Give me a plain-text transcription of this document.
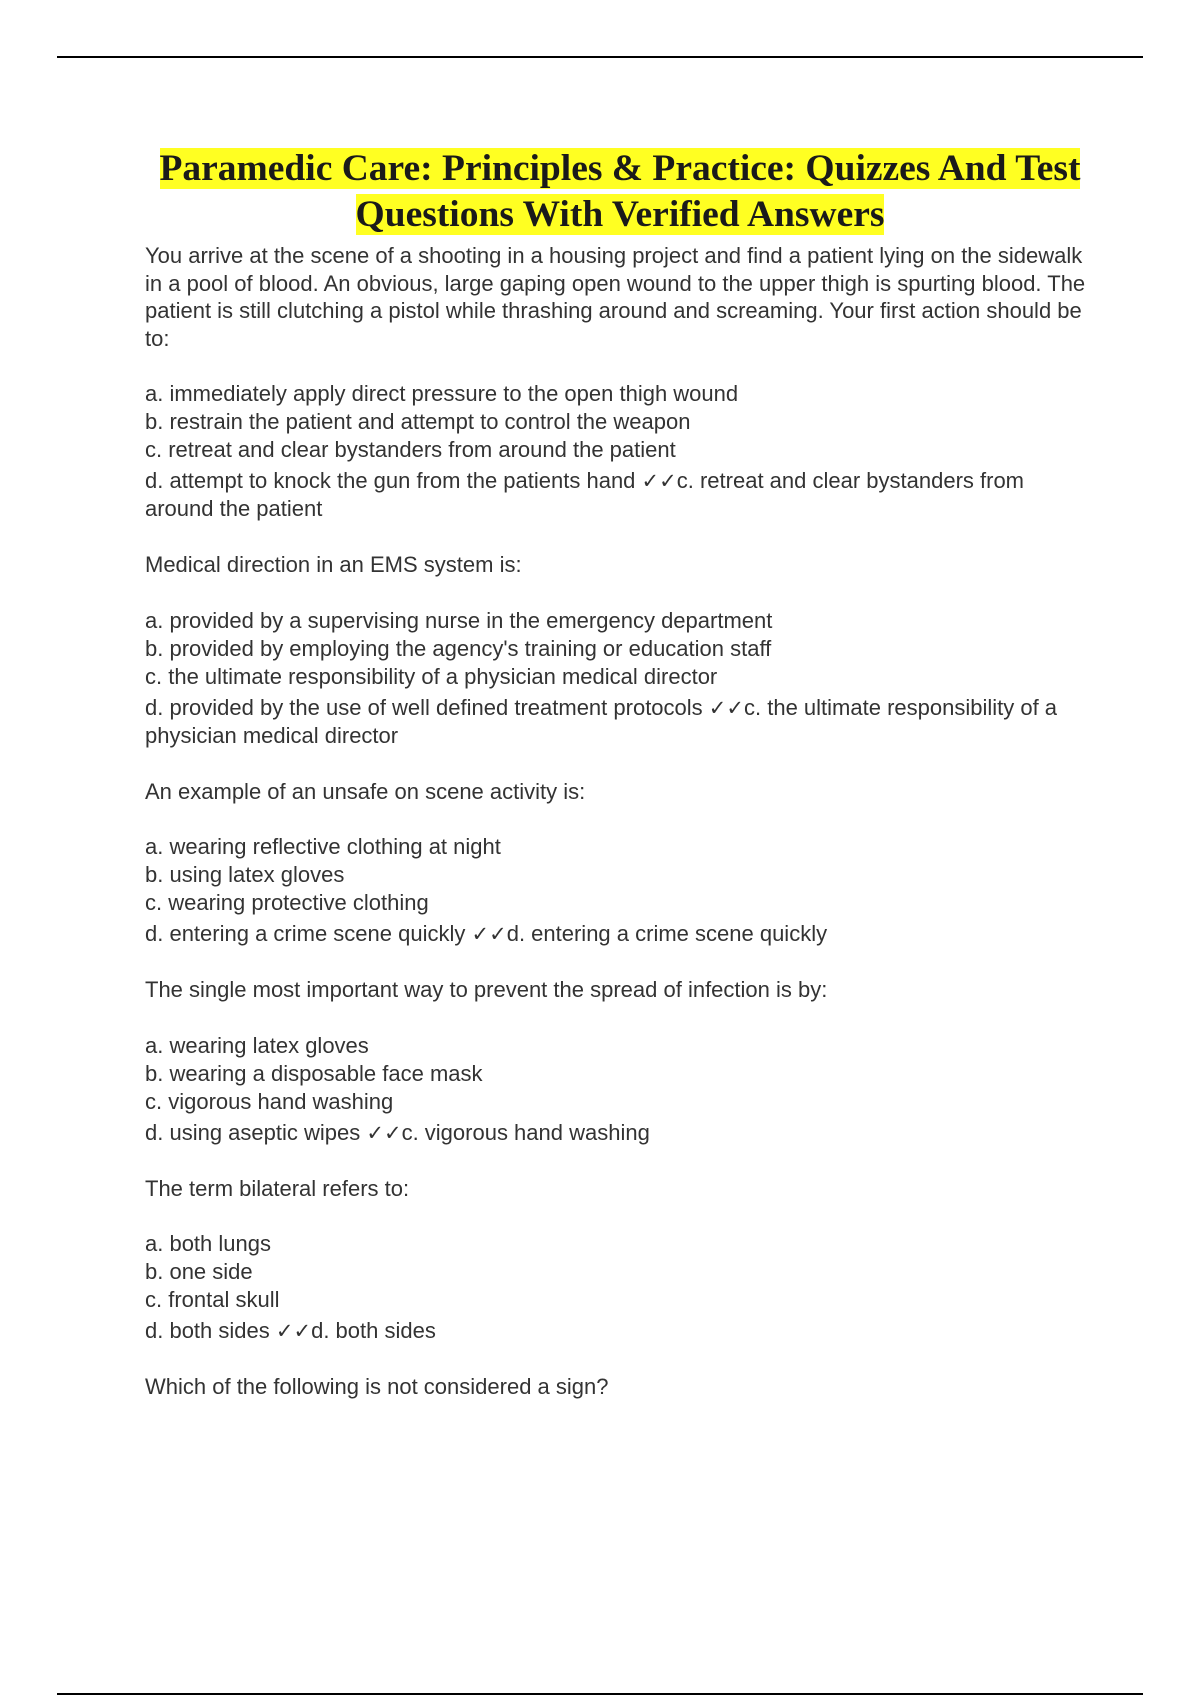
Paramedic Care: Principles & Practice: Quizzes And Test
Questions With Verified Answers

You arrive at the scene of a shooting in a housing project and find a patient lying on the sidewalk in a pool of blood. An obvious, large gaping open wound to the upper thigh is spurting blood. The patient is still clutching a pistol while thrashing around and screaming. Your first action should be to:

a. immediately apply direct pressure to the open thigh wound
b. restrain the patient and attempt to control the weapon
c. retreat and clear bystanders from around the patient
d. attempt to knock the gun from the patients hand ✓✓c. retreat and clear bystanders from around the patient

Medical direction in an EMS system is:

a. provided by a supervising nurse in the emergency department
b. provided by employing the agency's training or education staff
c. the ultimate responsibility of a physician medical director
d. provided by the use of well defined treatment protocols ✓✓c. the ultimate responsibility of a physician medical director

An example of an unsafe on scene activity is:

a. wearing reflective clothing at night
b. using latex gloves
c. wearing protective clothing
d. entering a crime scene quickly ✓✓d. entering a crime scene quickly

The single most important way to prevent the spread of infection is by:

a. wearing latex gloves
b. wearing a disposable face mask
c. vigorous hand washing
d. using aseptic wipes ✓✓c. vigorous hand washing

The term bilateral refers to:

a. both lungs
b. one side
c. frontal skull
d. both sides ✓✓d. both sides

Which of the following is not considered a sign?
